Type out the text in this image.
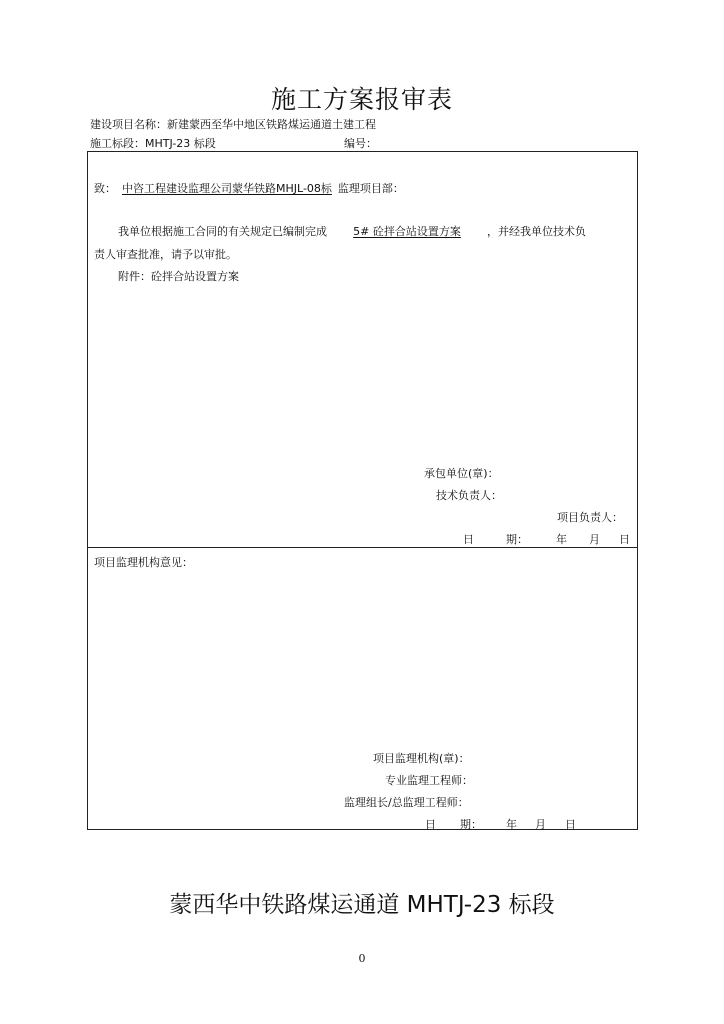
施工方案报审表
建设项目名称：新建蒙西至华中地区铁路煤运通道土建工程
施工标段：MHTJ-23 标段	编号：
致： 中咨工程建设监理公司蒙华铁路MHJL-08标 监理项目部：
我单位根据施工合同的有关规定已编制完成 5# 砼拌合站设置方案 ，并经我单位技术负
责人审查批准，请予以审批。
附件：砼拌合站设置方案
承包单位(章)：
技术负责人：
项目负责人：
日	期：	年 月 日
项目监理机构意见：
项目监理机构(章)：
专业监理工程师：
监理组长/总监理工程师：
日 期： 年 月 日
蒙西华中铁路煤运通道 MHTJ-23 标段
0
